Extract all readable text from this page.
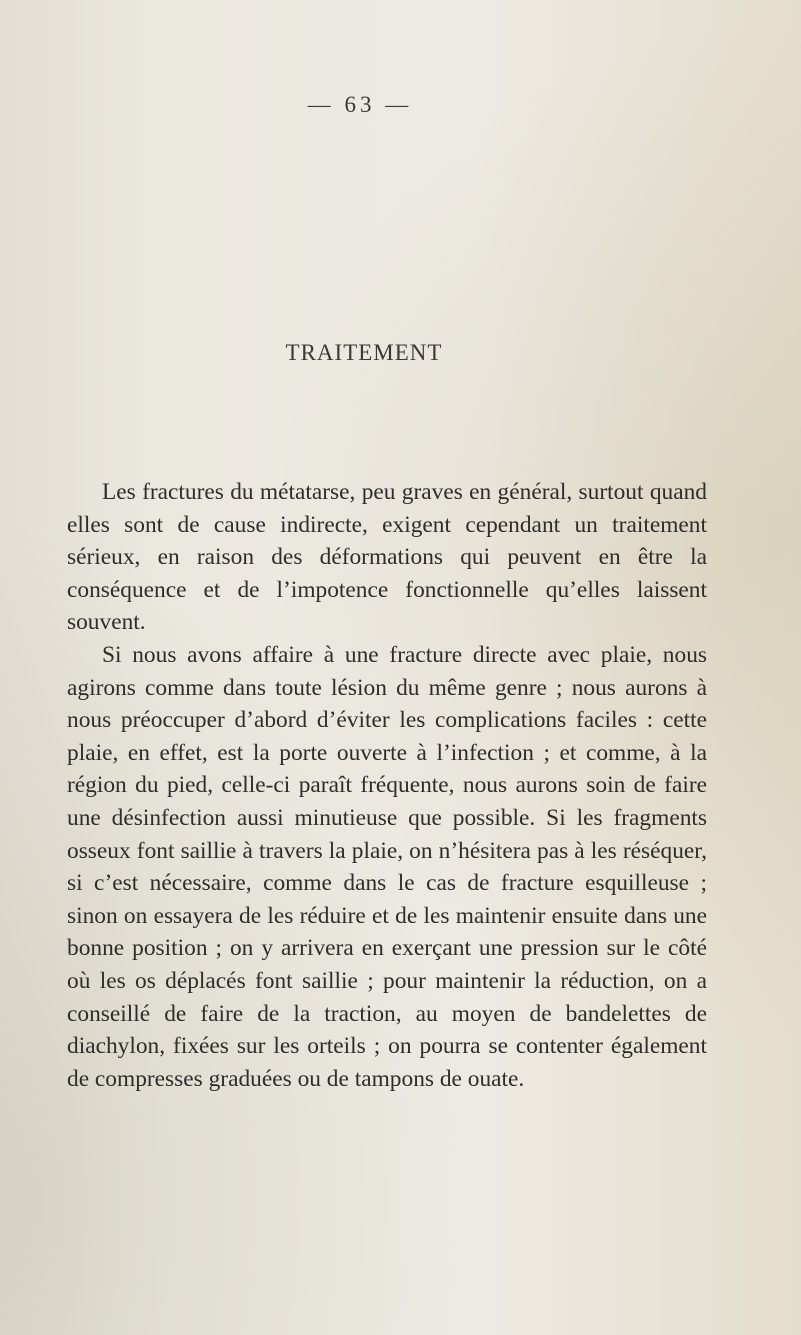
— 63 —
TRAITEMENT

Les fractures du métatarse, peu graves en général, surtout quand elles sont de cause indirecte, exigent cependant un traitement sérieux, en raison des déformations qui peuvent en être la conséquence et de l’impotence fonctionnelle qu’elles laissent souvent.

Si nous avons affaire à une fracture directe avec plaie, nous agirons comme dans toute lésion du même genre ; nous aurons à nous préoccuper d’abord d’éviter les complications faciles : cette plaie, en effet, est la porte ouverte à l’infection ; et comme, à la région du pied, celle-ci paraît fréquente, nous aurons soin de faire une désinfection aussi minutieuse que possible. Si les fragments osseux font saillie à travers la plaie, on n’hésitera pas à les réséquer, si c’est nécessaire, comme dans le cas de fracture esquilleuse ; sinon on essayera de les réduire et de les maintenir ensuite dans une bonne position ; on y arrivera en exerçant une pression sur le côté où les os déplacés font saillie ; pour maintenir la réduction, on a conseillé de faire de la traction, au moyen de bandelettes de diachylon, fixées sur les orteils ; on pourra se contenter également de compresses graduées ou de tampons de ouate.
